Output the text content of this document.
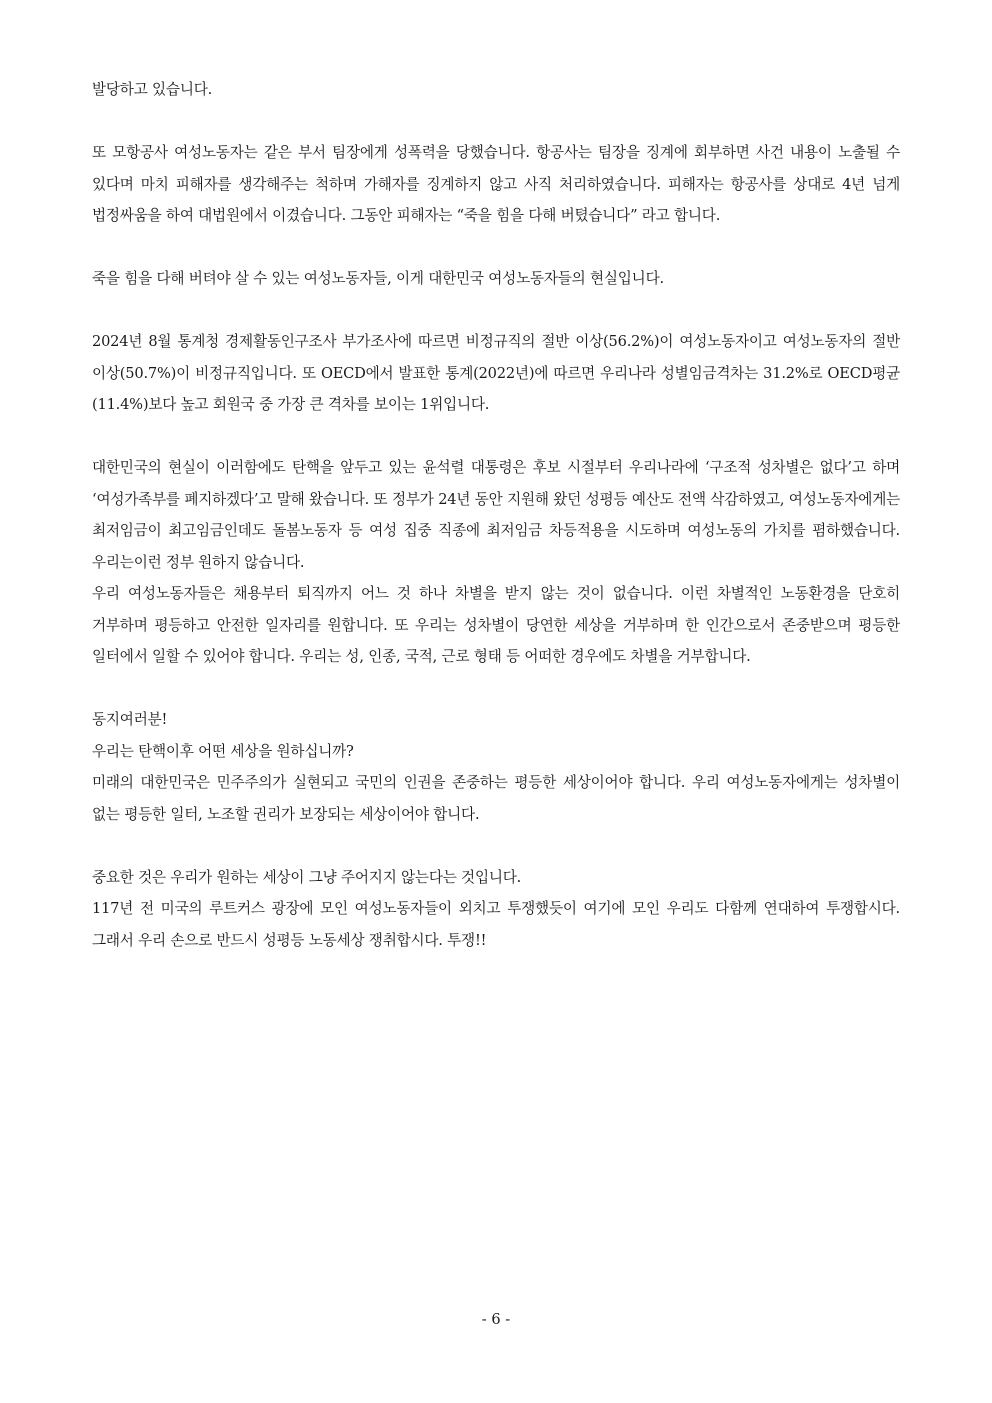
발당하고 있습니다.

또 모항공사 여성노동자는 같은 부서 팀장에게 성폭력을 당했습니다. 항공사는 팀장을 징계에 회부하면 사건 내용이 노출될 수 있다며 마치 피해자를 생각해주는 척하며 가해자를 징계하지 않고 사직 처리하였습니다. 피해자는 항공사를 상대로 4년 넘게 법정싸움을 하여 대법원에서 이겼습니다. 그동안 피해자는 “죽을 힘을 다해 버텼습니다” 라고 합니다.

죽을 힘을 다해 버텨야 살 수 있는 여성노동자들, 이게 대한민국 여성노동자들의 현실입니다.

2024년 8월 통계청 경제활동인구조사 부가조사에 따르면 비정규직의 절반 이상(56.2%)이 여성노동자이고 여성노동자의 절반 이상(50.7%)이 비정규직입니다. 또 OECD에서 발표한 통계(2022년)에 따르면 우리나라 성별임금격차는 31.2%로 OECD평균(11.4%)보다 높고 회원국 중 가장 큰 격차를 보이는 1위입니다.

대한민국의 현실이 이러함에도 탄핵을 앞두고 있는 윤석렬 대통령은 후보 시절부터 우리나라에 ‘구조적 성차별은 없다’고 하며 ‘여성가족부를 폐지하겠다’고 말해 왔습니다. 또 정부가 24년 동안 지원해 왔던 성평등 예산도 전액 삭감하였고, 여성노동자에게는 최저임금이 최고임금인데도 돌봄노동자 등 여성 집중 직종에 최저임금 차등적용을 시도하며 여성노동의 가치를 폄하했습니다. 우리는이런 정부 원하지 않습니다.

우리 여성노동자들은 채용부터 퇴직까지 어느 것 하나 차별을 받지 않는 것이 없습니다. 이런 차별적인 노동환경을 단호히 거부하며 평등하고 안전한 일자리를 원합니다. 또 우리는 성차별이 당연한 세상을 거부하며 한 인간으로서 존중받으며 평등한 일터에서 일할 수 있어야 합니다. 우리는 성, 인종, 국적, 근로 형태 등 어떠한 경우에도 차별을 거부합니다.

동지여러분!

우리는 탄핵이후 어떤 세상을 원하십니까?

미래의 대한민국은 민주주의가 실현되고 국민의 인권을 존중하는 평등한 세상이어야 합니다. 우리 여성노동자에게는 성차별이 없는 평등한 일터, 노조할 권리가 보장되는 세상이어야 합니다.

중요한 것은 우리가 원하는 세상이 그냥 주어지지 않는다는 것입니다.

117년 전 미국의 루트커스 광장에 모인 여성노동자들이 외치고 투쟁했듯이 여기에 모인 우리도 다함께 연대하여 투쟁합시다. 그래서 우리 손으로 반드시 성평등 노동세상 쟁취합시다. 투쟁!!

- 6 -
